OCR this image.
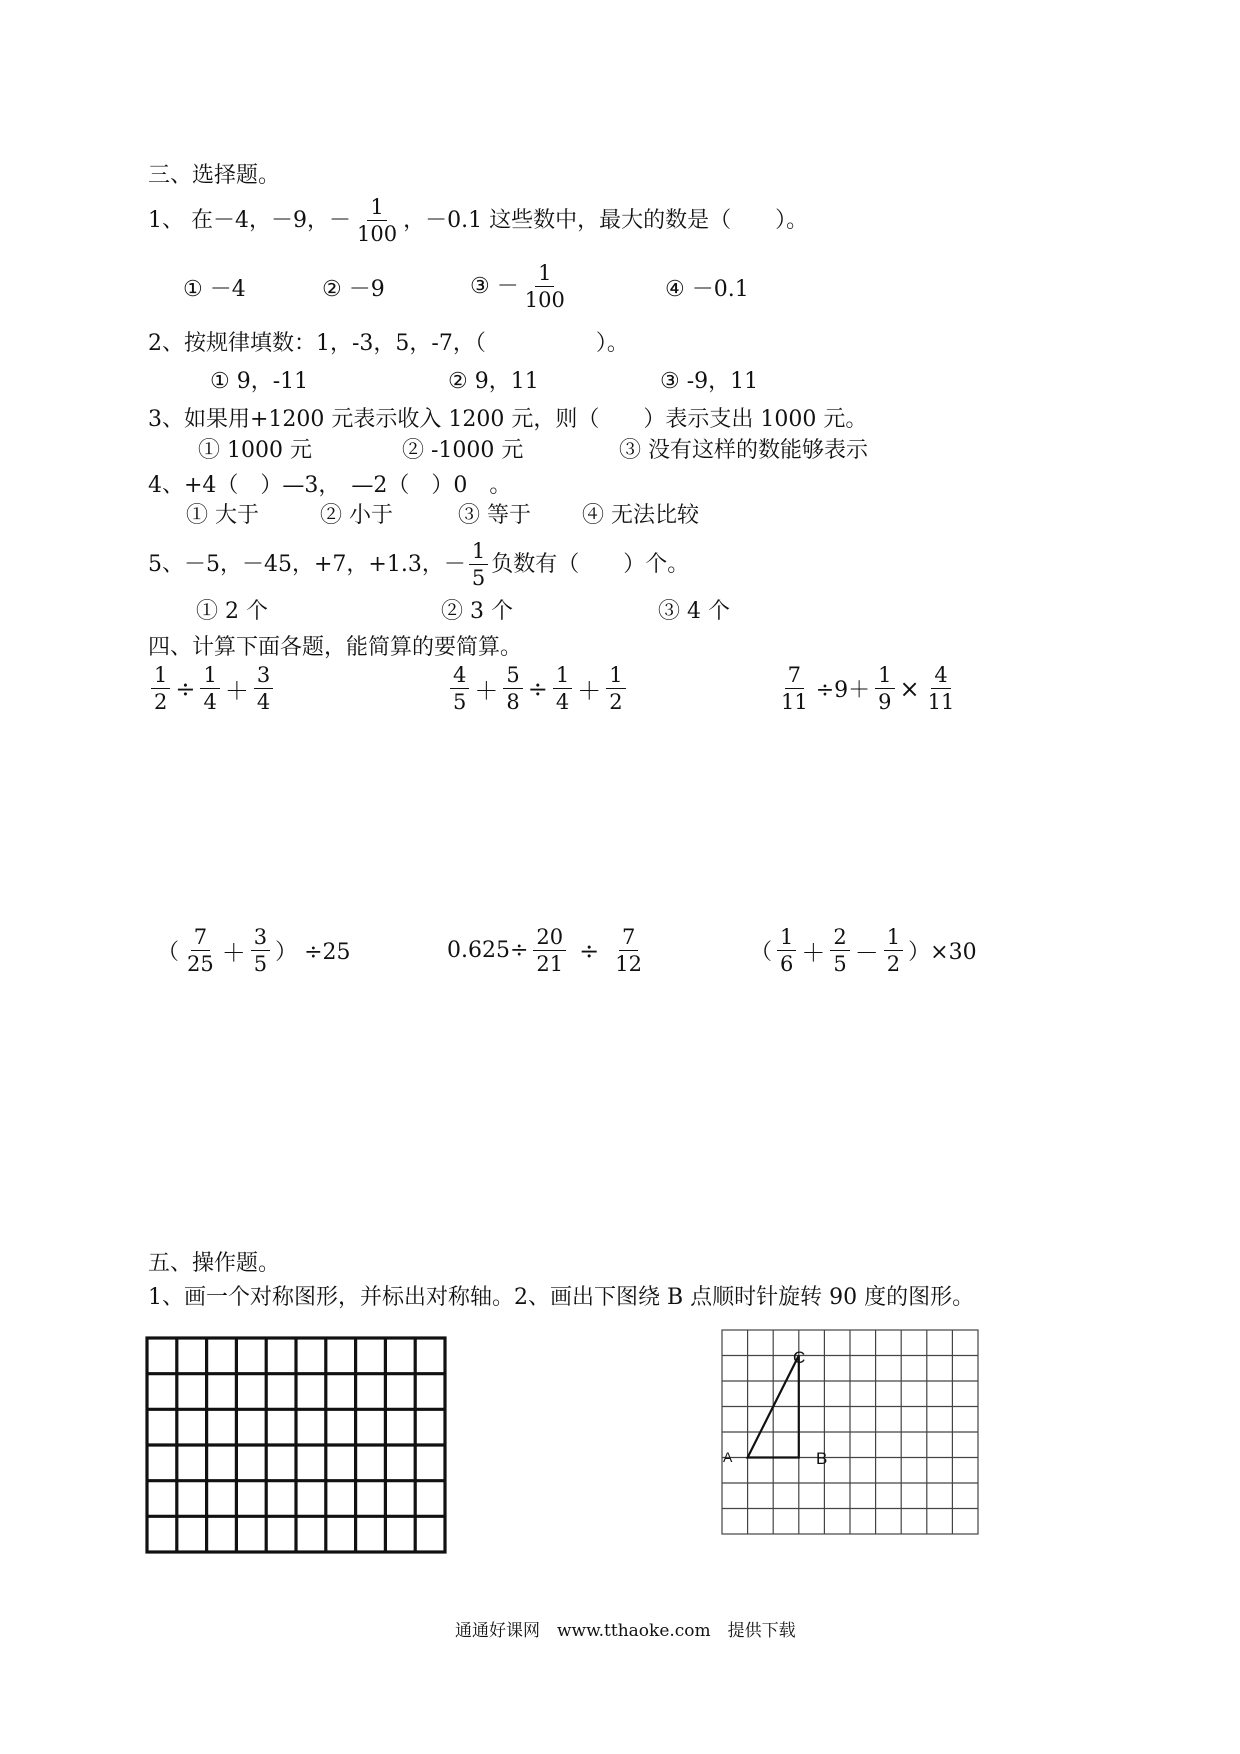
三、选择题。
1、 在－4，－9，－ $\frac{1}{100}$ ，－0.1 这些数中，最大的数是（　　）。
① －4	② －9	③ － $\frac{1}{100}$	④ －0.1
2、按规律填数：1，-3，5，-7，（　　　　　）。
① 9，-11	② 9，11	③ -9，11
3、如果用+1200 元表示收入 1200 元，则（　　）表示支出 1000 元。
① 1000 元	② -1000 元	③ 没有这样的数能够表示
4、+4（　）—3，　—2（　）0　。
① 大于	② 小于	③ 等于 ④ 无法比较
5、－5，－45，+7，+1.3，－ $\frac{1}{5}$ 负数有（　　）个。
① 2 个	② 3 个	③ 4 个
四、计算下面各题，能简算的要简算。
$\frac{1}{2} \div \frac{1}{4} + \frac{3}{4}$	$\frac{4}{5} + \frac{5}{8} \div \frac{1}{4} + \frac{1}{2}$	$\frac{7}{11} \div 9+ \frac{1}{9} \times \frac{4}{11}$
（ $\frac{7}{25} + \frac{3}{5}$ ） ÷25	$0.625\div \frac{20}{21} \div \frac{7}{12}$	（ $\frac{1}{6} + \frac{2}{5} - \frac{1}{2} )\times 30$
五、操作题。
1、画一个对称图形，并标出对称轴。2、画出下图绕 B 点顺时针旋转 90 度的图形。
A	B
C
通通好课网　www.tthaoke.com　提供下载
